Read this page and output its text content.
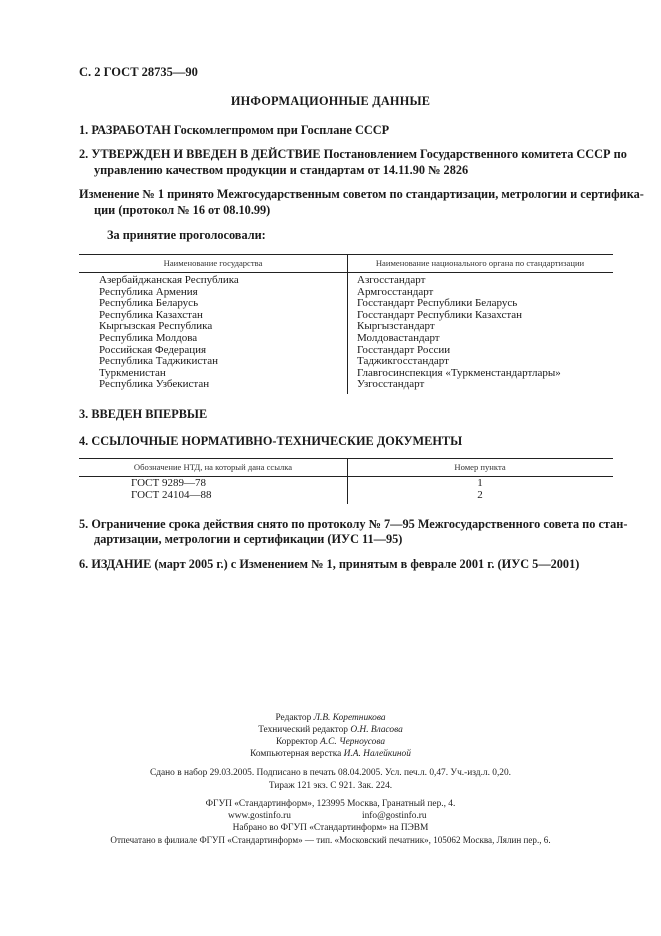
С. 2 ГОСТ 28735—90
ИНФОРМАЦИОННЫЕ ДАННЫЕ
1. РАЗРАБОТАН Госкомлегпромом при Госплане СССР
2. УТВЕРЖДЕН И ВВЕДЕН В ДЕЙСТВИЕ Постановлением Государственного комитета СССР по
управлению качеством продукции и стандартам от 14.11.90 № 2826
Изменение № 1 принято Межгосударственным советом по стандартизации, метрологии и сертифика-
ции (протокол № 16 от 08.10.99)
За принятие проголосовали:
Наименование государства	Наименование национального органа по стандартизации
Азербайджанская Республика	Азгосстандарт
Республика Армения	Армгосстандарт
Республика Беларусь	Госстандарт Республики Беларусь
Республика Казахстан	Госстандарт Республики Казахстан
Кыргызская Республика	Кыргызстандарт
Республика Молдова	Молдовастандарт
Российская Федерация	Госстандарт России
Республика Таджикистан	Таджикгосстандарт
Туркменистан	Главгосинспекция «Туркменстандартлары»
Республика Узбекистан	Узгосстандарт
3. ВВЕДЕН ВПЕРВЫЕ
4. ССЫЛОЧНЫЕ НОРМАТИВНО-ТЕХНИЧЕСКИЕ ДОКУМЕНТЫ
Обозначение НТД, на который дана ссылка	Номер пункта
ГОСТ 9289—78	1
ГОСТ 24104—88	2
5. Ограничение срока действия снято по протоколу № 7—95 Межгосударственного совета по стан-
дартизации, метрологии и сертификации (ИУС 11—95)
6. ИЗДАНИЕ (март 2005 г.) с Изменением № 1, принятым в феврале 2001 г. (ИУС 5—2001)
Редактор Л.В. Коретникова
Технический редактор О.Н. Власова
Корректор А.С. Черноусова
Компьютерная верстка И.А. Налейкиной
Сдано в набор 29.03.2005. Подписано в печать 08.04.2005. Усл. печ.л. 0,47. Уч.-изд.л. 0,20.
Тираж 121 экз. С 921. Зак. 224.
ФГУП «Стандартинформ», 123995 Москва, Гранатный пер., 4.
www.gostinfo.ru	info@gostinfo.ru
Набрано во ФГУП «Стандартинформ» на ПЭВМ
Отпечатано в филиале ФГУП «Стандартинформ» — тип. «Московский печатник», 105062 Москва, Лялин пер., 6.
